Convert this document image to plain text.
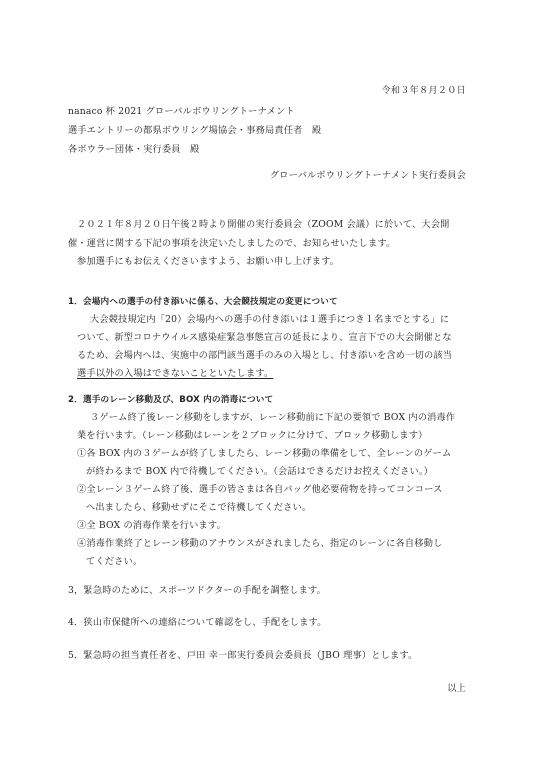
令和３年８月２０日
nanaco 杯 2021 グローバルボウリングトーナメント
選手エントリーの都県ボウリング場協会・事務局責任者　殿
各ボウラー団体・実行委員　殿
グローバルボウリングトーナメント実行委員会
２０２１年８月２０日午後２時より開催の実行委員会（ZOOM 会議）に於いて、大会開
催・運営に関する下記の事項を決定いたしましたので、お知らせいたします。
参加選手にもお伝えくださいますよう、お願い申し上げます。
1．会場内への選手の付き添いに係る、大会競技規定の変更について
大会競技規定内「20）会場内への選手の付き添いは１選手につき１名までとする」に
ついて、新型コロナウイルス感染症緊急事態宣言の延長により、宣言下での大会開催とな
るため、会場内へは、実施中の部門該当選手のみの入場とし、付き添いを含め一切の該当
選手以外の入場はできないことといたします。
2．選手のレーン移動及び、BOX 内の消毒について
３ゲーム終了後レーン移動をしますが、レーン移動前に下記の要領で BOX 内の消毒作
業を行います。（レーン移動はレーンを２ブロックに分けて、ブロック移動します）
①各 BOX 内の３ゲームが終了しましたら、レーン移動の準備をして、全レーンのゲーム
が終わるまで BOX 内で待機してください。（会話はできるだけお控えください。）
②全レーン３ゲーム終了後、選手の皆さまは各自バッグ他必要荷物を持ってコンコース
へ出ましたら、移動せずにそこで待機してください。
③全 BOX の消毒作業を行います。
④消毒作業終了とレーン移動のアナウンスがされましたら、指定のレーンに各自移動し
てください。
3，緊急時のために、スポーツドクターの手配を調整します。
4．狭山市保健所への連絡について確認をし、手配をします。
5．緊急時の担当責任者を、戸田 幸一郎実行委員会委員長（JBO 理事）とします。
以上
